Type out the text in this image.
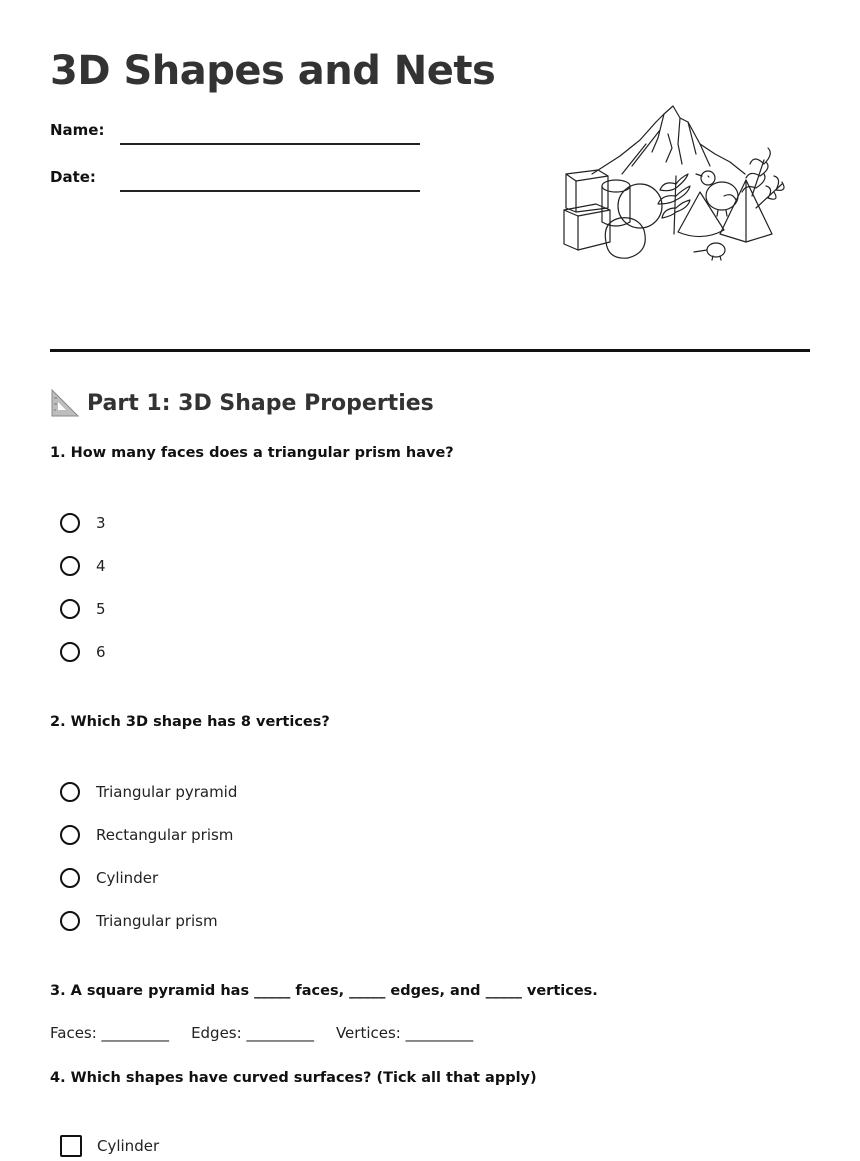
3D Shapes and Nets
Name:
Date:
Part 1: 3D Shape Properties
1. How many faces does a triangular prism have?
3
4
5
6
2. Which 3D shape has 8 vertices?
Triangular pyramid
Rectangular prism
Cylinder
Triangular prism
3. A square pyramid has _____ faces, _____ edges, and _____ vertices.
Faces: _________ Edges: _________ Vertices: _________
4. Which shapes have curved surfaces? (Tick all that apply)
Cylinder
